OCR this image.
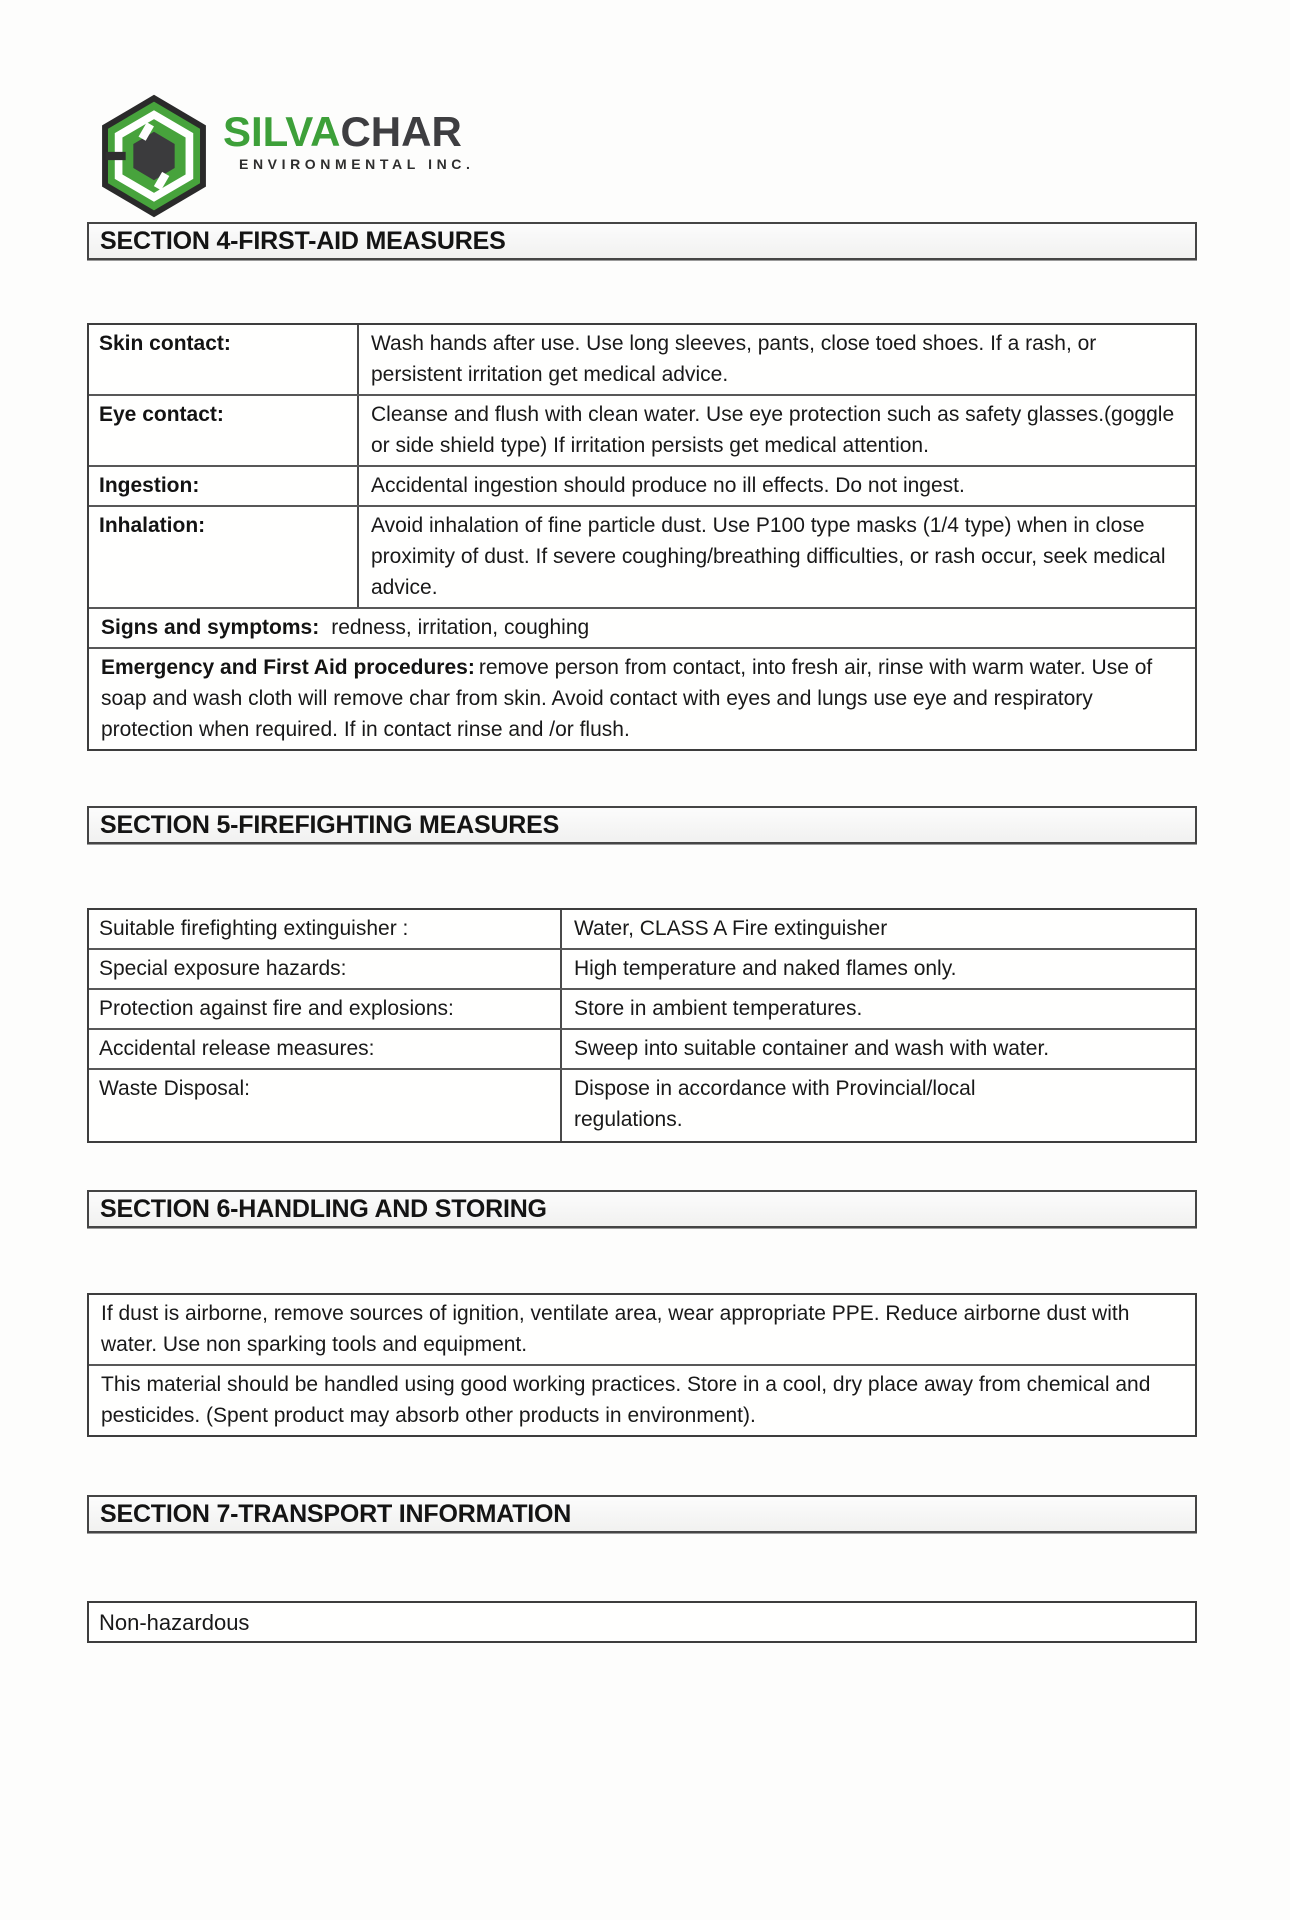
SILVACHAR
ENVIRONMENTAL INC.
SECTION 4-FIRST-AID MEASURES
Skin contact:	Wash hands after use. Use long sleeves, pants, close toed shoes. If a rash, or persistent irritation get medical advice.
Eye contact:	Cleanse and flush with clean water. Use eye protection such as safety glasses.(goggle or side shield type) If irritation persists get medical attention.
Ingestion:	Accidental ingestion should produce no ill effects. Do not ingest.
Inhalation:	Avoid inhalation of fine particle dust. Use P100 type masks (1/4 type) when in close proximity of dust. If severe coughing/breathing difficulties, or rash occur, seek medical advice.
Signs and symptoms: redness, irritation, coughing
Emergency and First Aid procedures: remove person from contact, into fresh air, rinse with warm water. Use of soap and wash cloth will remove char from skin. Avoid contact with eyes and lungs use eye and respiratory protection when required. If in contact rinse and /or flush.
SECTION 5-FIREFIGHTING MEASURES
Suitable firefighting extinguisher :	Water, CLASS A Fire extinguisher
Special exposure hazards:	High temperature and naked flames only.
Protection against fire and explosions:	Store in ambient temperatures.
Accidental release measures:	Sweep into suitable container and wash with water.
Waste Disposal:	Dispose in accordance with Provincial/local regulations.
SECTION 6-HANDLING AND STORING
If dust is airborne, remove sources of ignition, ventilate area, wear appropriate PPE. Reduce airborne dust with water. Use non sparking tools and equipment.
This material should be handled using good working practices. Store in a cool, dry place away from chemical and pesticides. (Spent product may absorb other products in environment).
SECTION 7-TRANSPORT INFORMATION
Non-hazardous
